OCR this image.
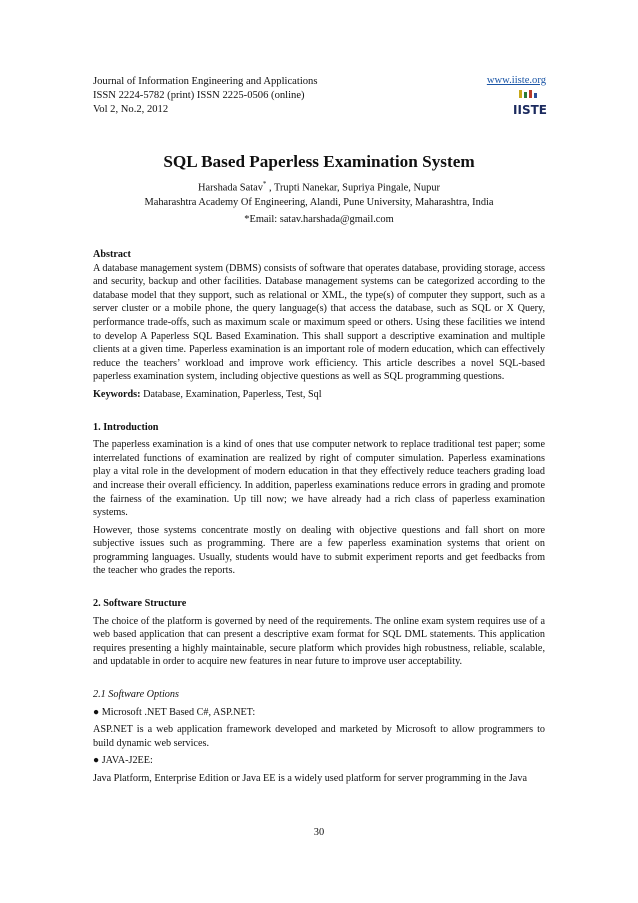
Journal of Information Engineering and Applications
ISSN 2224-5782 (print) ISSN 2225-0506 (online)
Vol 2, No.2, 2012
www.iiste.org
IISTE
SQL Based Paperless Examination System
Harshada Satav* , Trupti Nanekar, Supriya Pingale, Nupur
Maharashtra Academy Of Engineering, Alandi, Pune University, Maharashtra, India
*Email: satav.harshada@gmail.com

Abstract

A database management system (DBMS) consists of software that operates database, providing storage, access and security, backup and other facilities. Database management systems can be categorized according to the database model that they support, such as relational or XML, the type(s) of computer they support, such as a server cluster or a mobile phone, the query language(s) that access the database, such as SQL or X Query, performance trade-offs, such as maximum scale or maximum speed or others. Using these facilities we intend to develop A Paperless SQL Based Examination. This shall support a descriptive examination and multiple clients at a given time. Paperless examination is an important role of modern education, which can effectively reduce the teachers’ workload and improve work efficiency. This article describes a novel SQL-based paperless examination system, including objective questions as well as SQL programming questions.

Keywords: Database, Examination, Paperless, Test, Sql

1. Introduction

The paperless examination is a kind of ones that use computer network to replace traditional test paper; some interrelated functions of examination are realized by right of computer simulation. Paperless examinations play a vital role in the development of modern education in that they effectively reduce teachers grading load and increase their overall efficiency. In addition, paperless examinations reduce errors in grading and promote the fairness of the examination. Up till now; we have already had a rich class of paperless examination systems.

However, those systems concentrate mostly on dealing with objective questions and fall short on more subjective issues such as programming. There are a few paperless examination systems that orient on programming languages. Usually, students would have to submit experiment reports and get feedbacks from the teacher who grades the reports.

2. Software Structure

The choice of the platform is governed by need of the requirements. The online exam system requires use of a web based application that can present a descriptive exam format for SQL DML statements. This application requires presenting a highly maintainable, secure platform which provides high robustness, reliable, scalable, and updatable in order to acquire new features in near future to improve user acceptability.

2.1 Software Options

● Microsoft .NET Based C#, ASP.NET:

ASP.NET is a web application framework developed and marketed by Microsoft to allow programmers to build dynamic web services.

● JAVA-J2EE:

Java Platform, Enterprise Edition or Java EE is a widely used platform for server programming in the Java

30
